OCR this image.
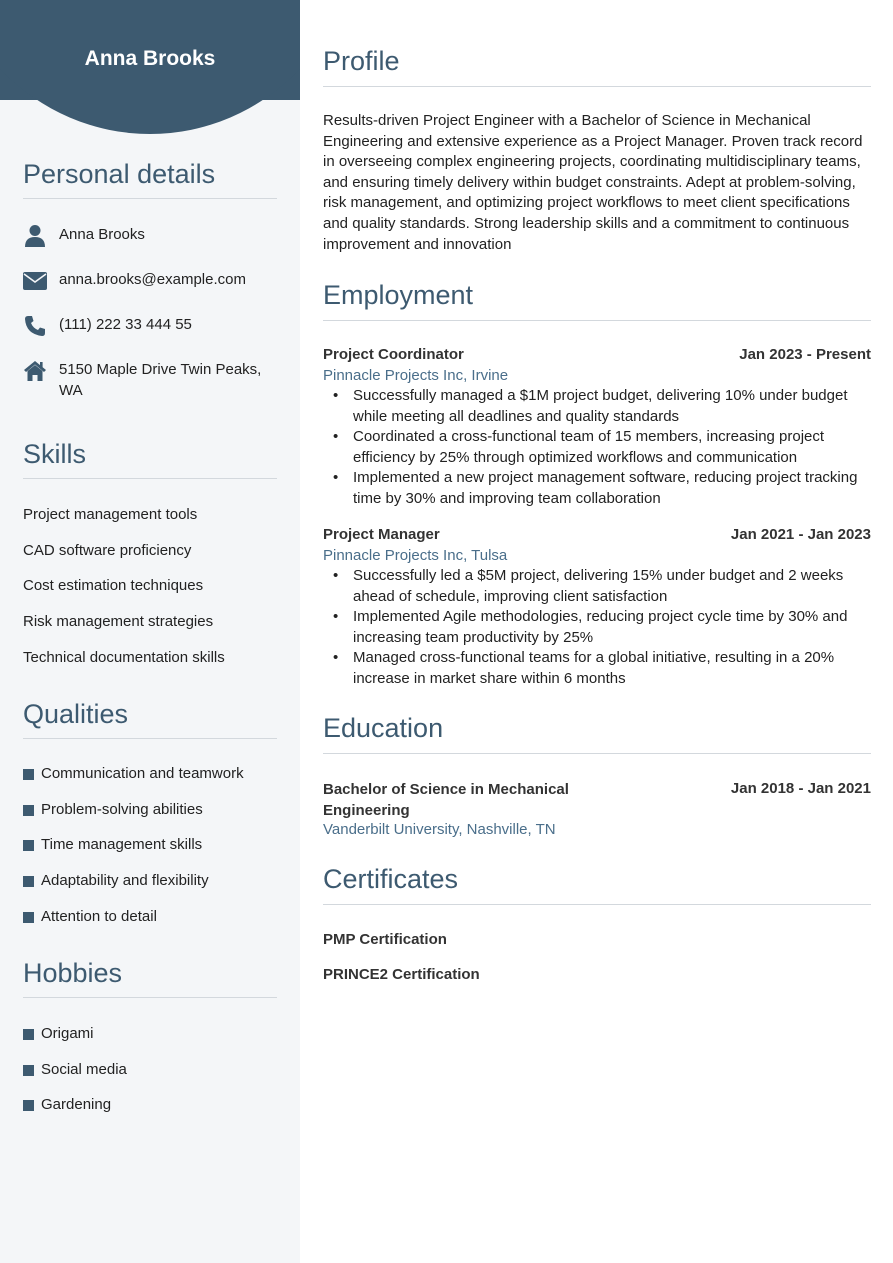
Anna Brooks
Personal details
Anna Brooks
anna.brooks@example.com
(111) 222 33 444 55
5150 Maple Drive Twin Peaks, WA
Skills
Project management tools
CAD software proficiency
Cost estimation techniques
Risk management strategies
Technical documentation skills
Qualities
Communication and teamwork
Problem-solving abilities
Time management skills
Adaptability and flexibility
Attention to detail
Hobbies
Origami
Social media
Gardening
Profile
Results-driven Project Engineer with a Bachelor of Science in Mechanical Engineering and extensive experience as a Project Manager. Proven track record in overseeing complex engineering projects, coordinating multidisciplinary teams, and ensuring timely delivery within budget constraints. Adept at problem-solving, risk management, and optimizing project workflows to meet client specifications and quality standards. Strong leadership skills and a commitment to continuous improvement and innovation
Employment
Project Coordinator	Jan 2023 - Present
Pinnacle Projects Inc, Irvine
• Successfully managed a $1M project budget, delivering 10% under budget while meeting all deadlines and quality standards
• Coordinated a cross-functional team of 15 members, increasing project efficiency by 25% through optimized workflows and communication
• Implemented a new project management software, reducing project tracking time by 30% and improving team collaboration
Project Manager	Jan 2021 - Jan 2023
Pinnacle Projects Inc, Tulsa
• Successfully led a $5M project, delivering 15% under budget and 2 weeks ahead of schedule, improving client satisfaction
• Implemented Agile methodologies, reducing project cycle time by 30% and increasing team productivity by 25%
• Managed cross-functional teams for a global initiative, resulting in a 20% increase in market share within 6 months
Education
Bachelor of Science in Mechanical Engineering
Jan 2018 - Jan 2021
Vanderbilt University, Nashville, TN
Certificates
PMP Certification
PRINCE2 Certification
